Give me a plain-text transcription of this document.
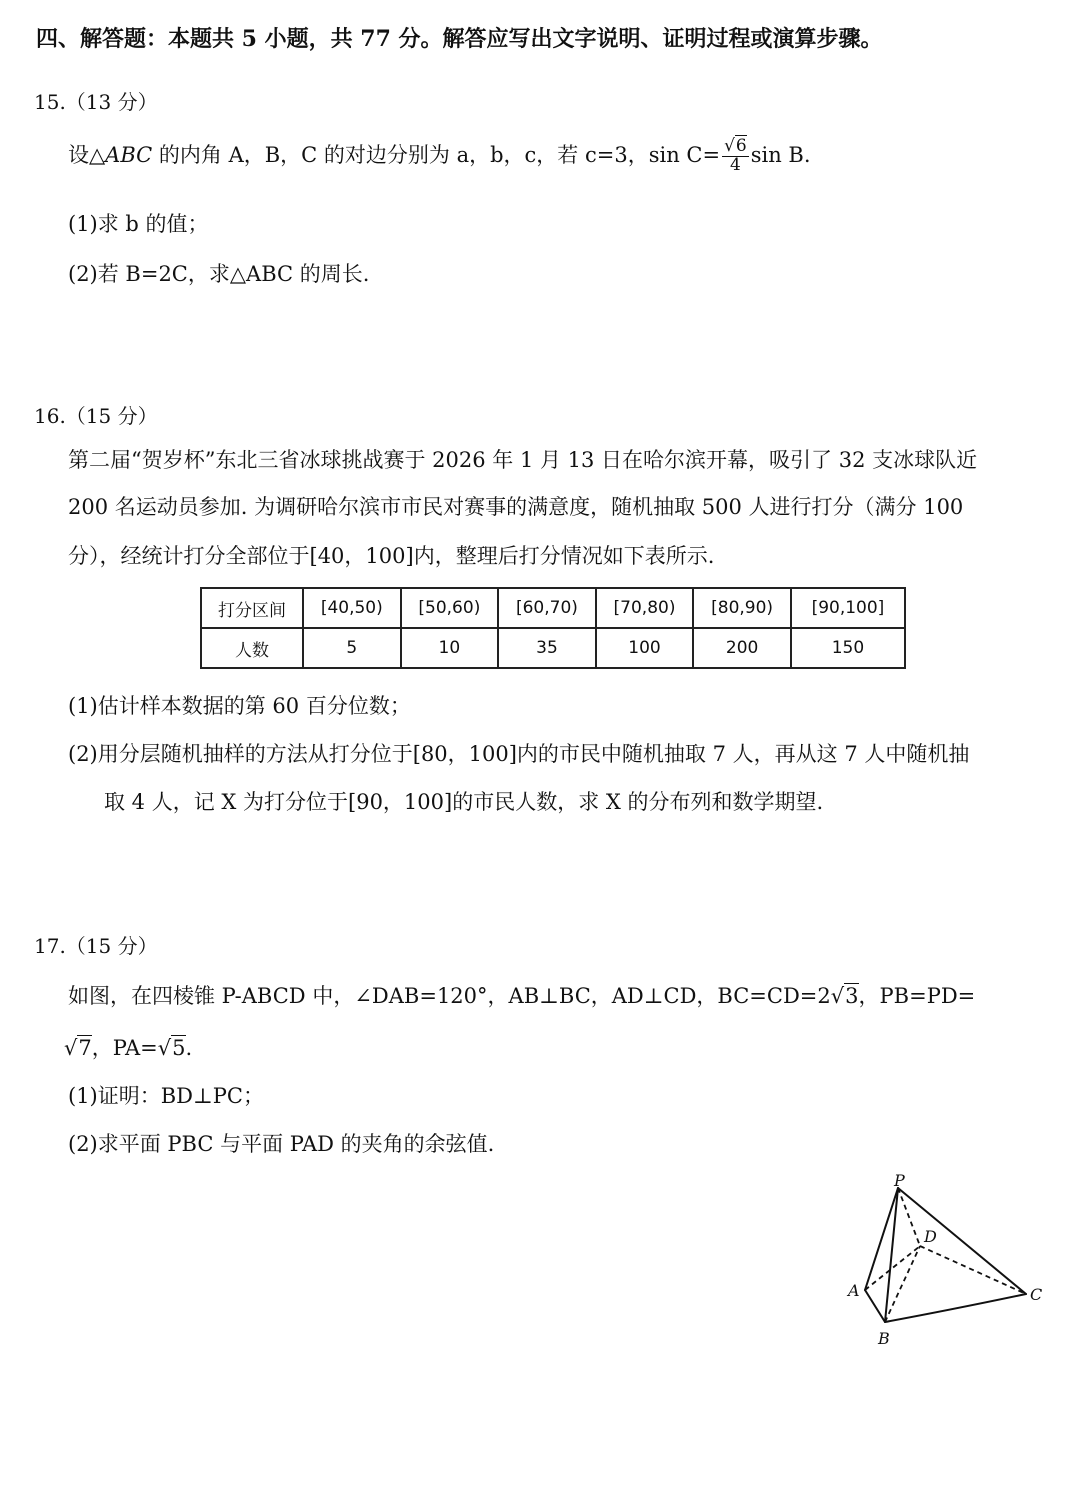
四、解答题：本题共 5 小题，共 77 分。解答应写出文字说明、证明过程或演算步骤。
15.（13 分）
设△ABC 的内角 A，B，C 的对边分别为 a，b，c，若 c=3，$\sin C= \frac{√6}{4}$ sin B.
(1)求 b 的值；
(2)若 B=2C，求△ABC 的周长.
16.（15 分）
第二届“贺岁杯”东北三省冰球挑战赛于 2026 年 1 月 13 日在哈尔滨开幕，吸引了 32 支冰球队近
200 名运动员参加. 为调研哈尔滨市市民对赛事的满意度，随机抽取 500 人进行打分（满分 100
分），经统计打分全部位于[40，100]内，整理后打分情况如下表所示.
打分区间	[40,50)	[50,60)	[60,70)	[70,80)	[80,90)	[90,100]
人数	5	10	35	100	200	150
(1)估计样本数据的第 60 百分位数；
(2)用分层随机抽样的方法从打分位于[80，100]内的市民中随机抽取 7 人，再从这 7 人中随机抽
取 4 人，记 X 为打分位于[90，100]的市民人数，求 X 的分布列和数学期望.
17.（15 分）
如图，在四棱锥 P-ABCD 中，∠DAB=120°，AB⊥BC，AD⊥CD，BC=CD=2√3，PB=PD=
√7，PA=√5.
(1)证明：BD⊥PC；
(2)求平面 PBC 与平面 PAD 的夹角的余弦值.
P
D
A
B
C
